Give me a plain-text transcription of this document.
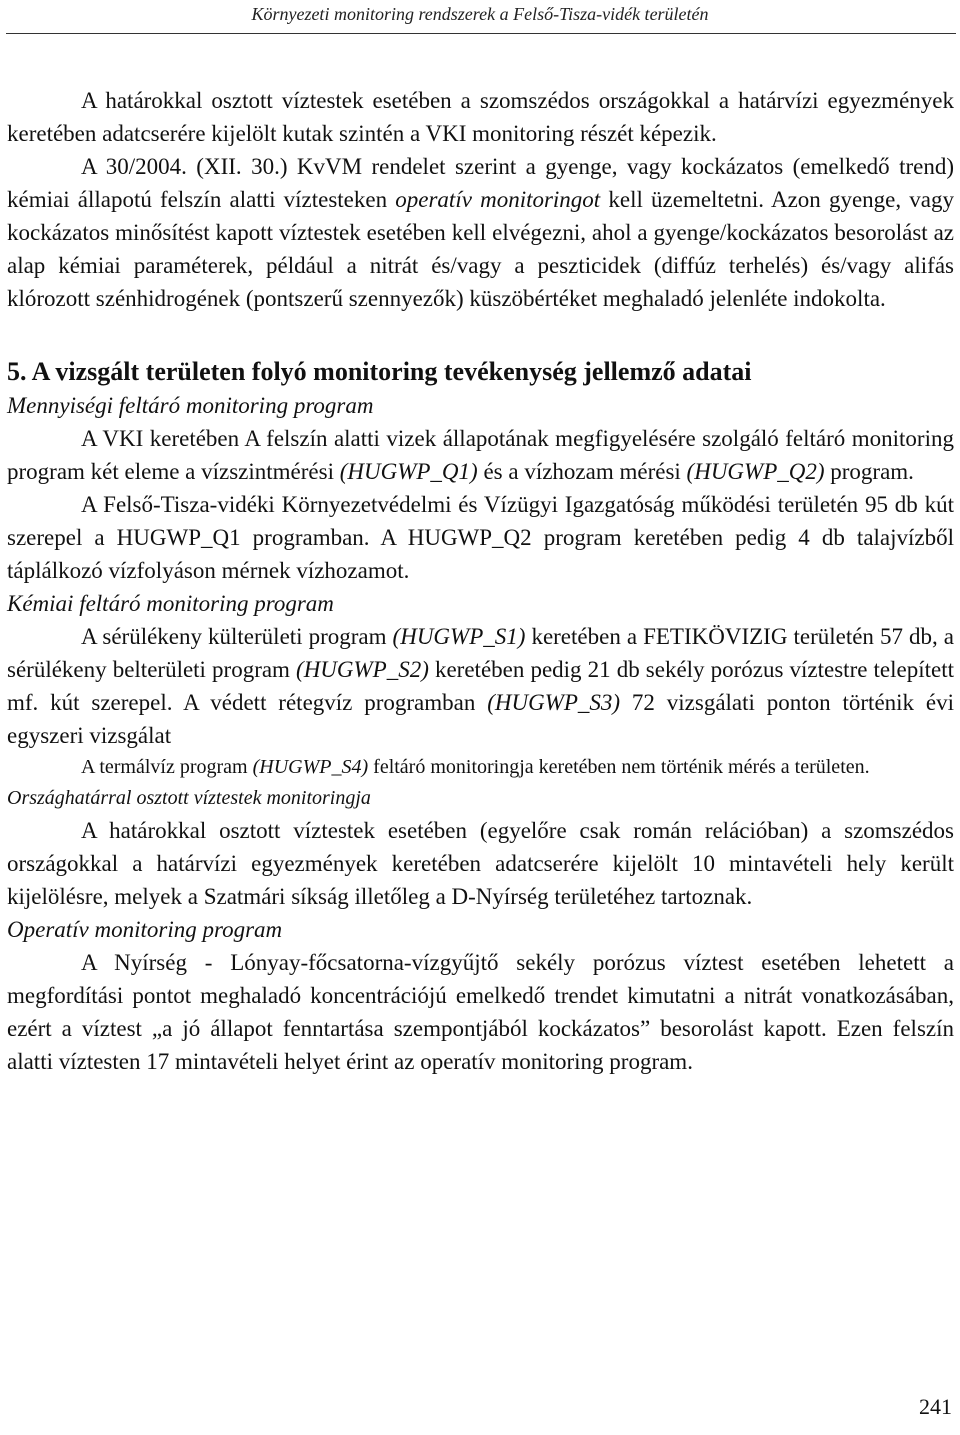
Környezeti monitoring rendszerek a Felső-Tisza-vidék területén

A határokkal osztott víztestek esetében a szomszédos országokkal a határvízi egyezmények keretében adatcserére kijelölt kutak szintén a VKI monitoring részét képezik.

A 30/2004. (XII. 30.) KvVM rendelet szerint a gyenge, vagy kockázatos (emelkedő trend) kémiai állapotú felszín alatti víztesteken operatív monitoringot kell üzemeltetni. Azon gyenge, vagy kockázatos minősítést kapott víztestek esetében kell elvégezni, ahol a gyenge/kockázatos besorolást az alap kémiai paraméterek, például a nitrát és/vagy a peszticidek (diffúz terhelés) és/vagy alifás klórozott szénhidrogének (pontszerű szennyezők) küszöbértéket meghaladó jelenléte indokolta.

5. A vizsgált területen folyó monitoring tevékenység jellemző adatai

Mennyiségi feltáró monitoring program

A VKI keretében A felszín alatti vizek állapotának megfigyelésére szolgáló feltáró monitoring program két eleme a vízszintmérési (HUGWP_Q1) és a vízhozam mérési (HUGWP_Q2) program.

A Felső-Tisza-vidéki Környezetvédelmi és Vízügyi Igazgatóság működési területén 95 db kút szerepel a HUGWP_Q1 programban. A HUGWP_Q2 program keretében pedig 4 db talajvízből táplálkozó vízfolyáson mérnek vízhozamot.

Kémiai feltáró monitoring program

A sérülékeny külterületi program (HUGWP_S1) keretében a FETIKÖVIZIG területén 57 db, a sérülékeny belterületi program (HUGWP_S2) keretében pedig 21 db sekély porózus víztestre telepített mf. kút szerepel. A védett rétegvíz programban (HUGWP_S3) 72 vizsgálati ponton történik évi egyszeri vizsgálat

A termálvíz program (HUGWP_S4) feltáró monitoringja keretében nem történik mérés a területen.

Országhatárral osztott víztestek monitoringja

A határokkal osztott víztestek esetében (egyelőre csak román relációban) a szomszédos országokkal a határvízi egyezmények keretében adatcserére kijelölt 10 mintavételi hely került kijelölésre, melyek a Szatmári síkság illetőleg a D-Nyírség területéhez tartoznak.

Operatív monitoring program

A Nyírség - Lónyay-főcsatorna-vízgyűjtő sekély porózus víztest esetében lehetett a megfordítási pontot meghaladó koncentrációjú emelkedő trendet kimutatni a nitrát vonatkozásában, ezért a víztest „a jó állapot fenntartása szempontjából kockázatos” besorolást kapott. Ezen felszín alatti víztesten 17 mintavételi helyet érint az operatív monitoring program.

241
